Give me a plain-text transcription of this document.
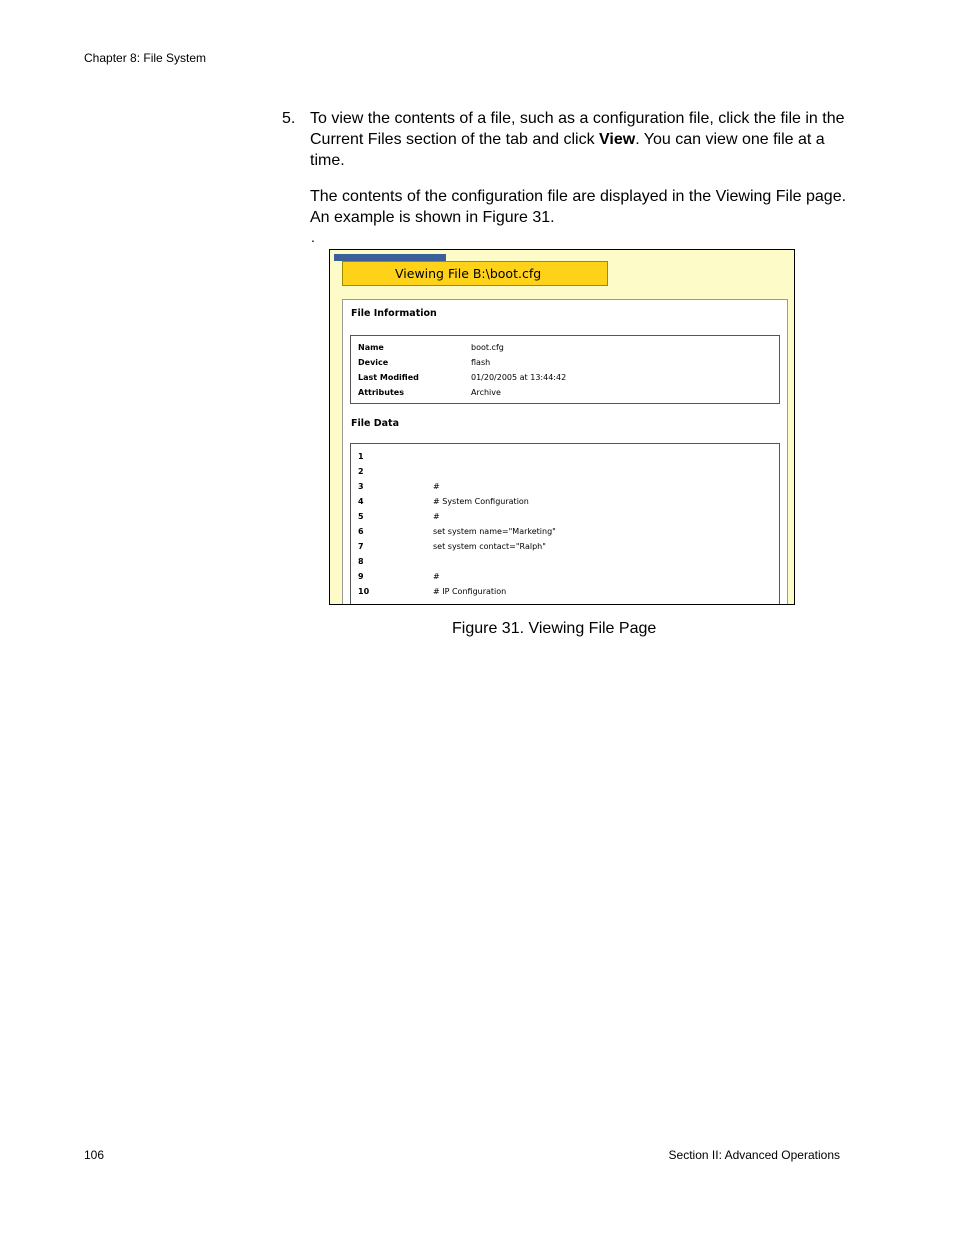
Chapter 8: File System
5. To view the contents of a file, such as a configuration file, click the file in the Current Files section of the tab and click View. You can view one file at a time.
The contents of the configuration file are displayed in the Viewing File page. An example is shown in Figure 31.
.
Viewing File B:\boot.cfg
File Information
Name	boot.cfg
Device	flash
Last Modified	01/20/2005 at 13:44:42
Attributes	Archive
File Data
1
2
3	#
4	# System Configuration
5	#
6	set system name="Marketing"
7	set system contact="Ralph"
8
9	#
10	# IP Configuration
Figure 31. Viewing File Page
106	Section II: Advanced Operations
